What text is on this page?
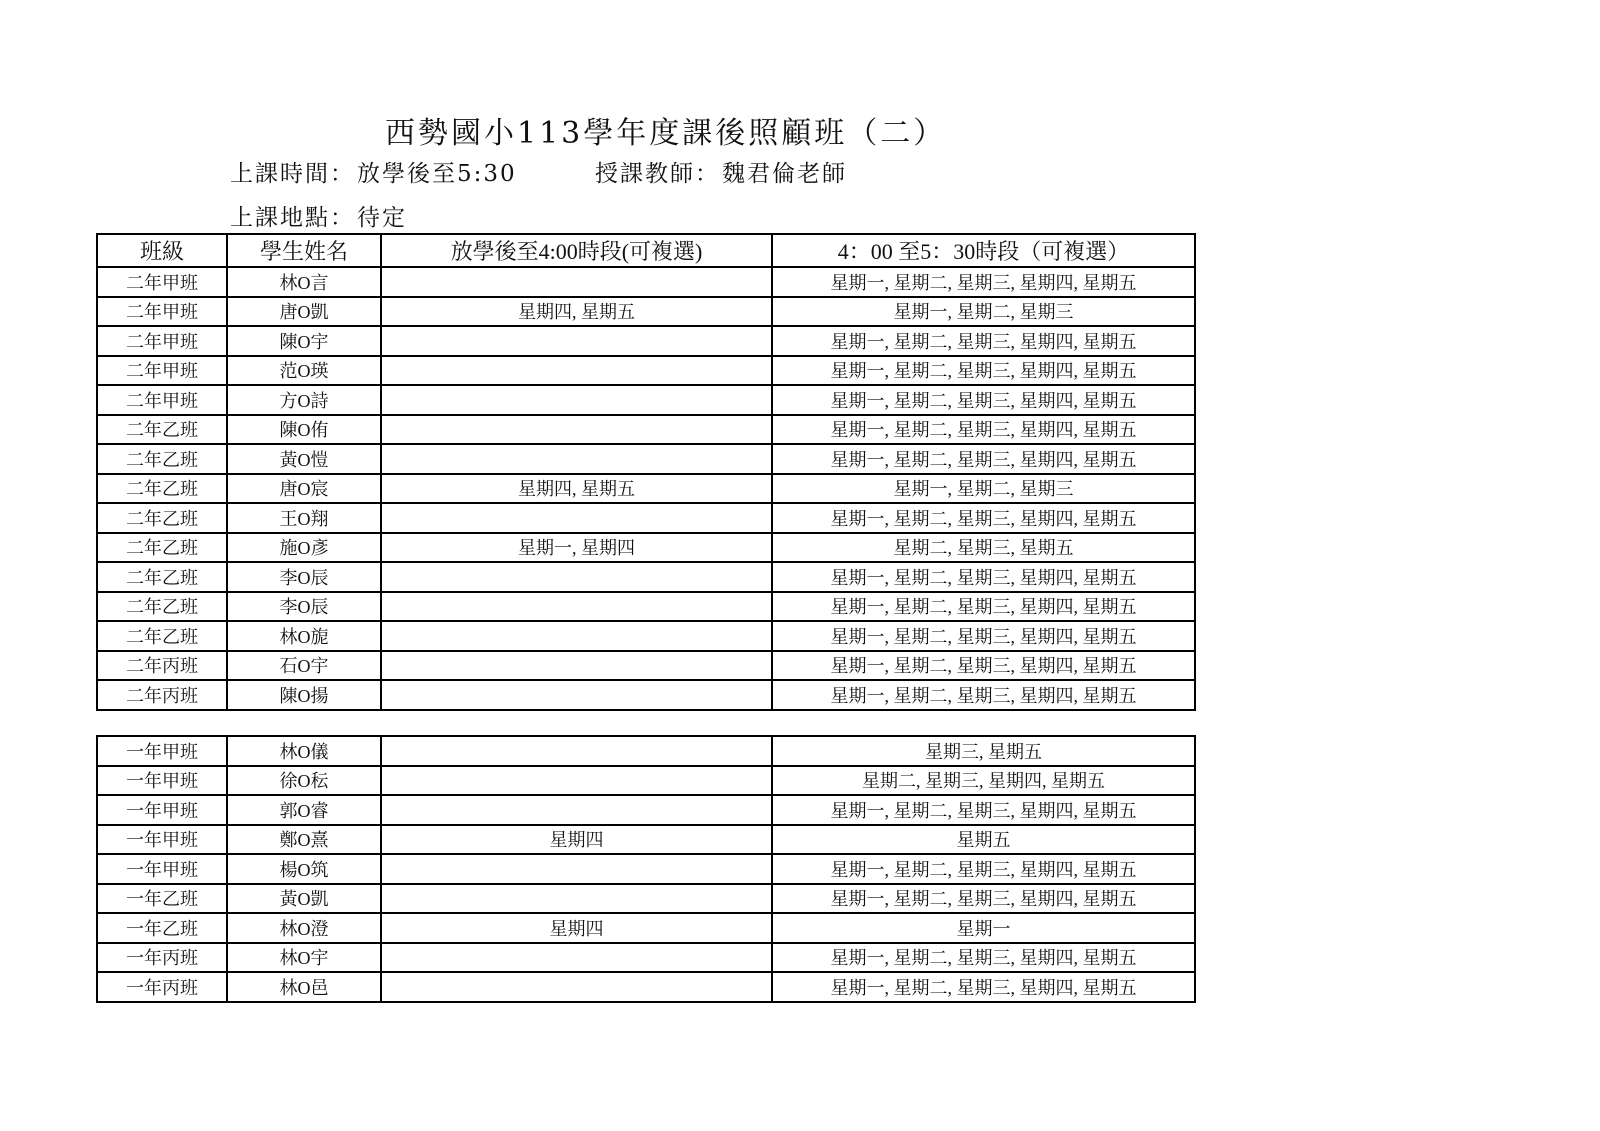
西勢國小113學年度課後照顧班（二）
上課時間：放學後至5:30	授課教師：魏君倫老師
上課地點：待定
班級	學生姓名	放學後至4:00時段(可複選)	4：00 至5：30時段（可複選）
二年甲班	林O言		星期一, 星期二, 星期三, 星期四, 星期五
二年甲班	唐O凱	星期四, 星期五	星期一, 星期二, 星期三
二年甲班	陳O宇		星期一, 星期二, 星期三, 星期四, 星期五
二年甲班	范O瑛		星期一, 星期二, 星期三, 星期四, 星期五
二年甲班	方O詩		星期一, 星期二, 星期三, 星期四, 星期五
二年乙班	陳O侑		星期一, 星期二, 星期三, 星期四, 星期五
二年乙班	黃O愷		星期一, 星期二, 星期三, 星期四, 星期五
二年乙班	唐O宸	星期四, 星期五	星期一, 星期二, 星期三
二年乙班	王O翔		星期一, 星期二, 星期三, 星期四, 星期五
二年乙班	施O彥	星期一, 星期四	星期二, 星期三, 星期五
二年乙班	李O辰		星期一, 星期二, 星期三, 星期四, 星期五
二年乙班	李O辰		星期一, 星期二, 星期三, 星期四, 星期五
二年乙班	林O旎		星期一, 星期二, 星期三, 星期四, 星期五
二年丙班	石O宇		星期一, 星期二, 星期三, 星期四, 星期五
二年丙班	陳O揚		星期一, 星期二, 星期三, 星期四, 星期五
一年甲班	林O儀		星期三, 星期五
一年甲班	徐O秐		星期二, 星期三, 星期四, 星期五
一年甲班	郭O睿		星期一, 星期二, 星期三, 星期四, 星期五
一年甲班	鄭O熹	星期四	星期五
一年甲班	楊O筑		星期一, 星期二, 星期三, 星期四, 星期五
一年乙班	黃O凱		星期一, 星期二, 星期三, 星期四, 星期五
一年乙班	林O澄	星期四	星期一
一年丙班	林O宇		星期一, 星期二, 星期三, 星期四, 星期五
一年丙班	林O邑		星期一, 星期二, 星期三, 星期四, 星期五
